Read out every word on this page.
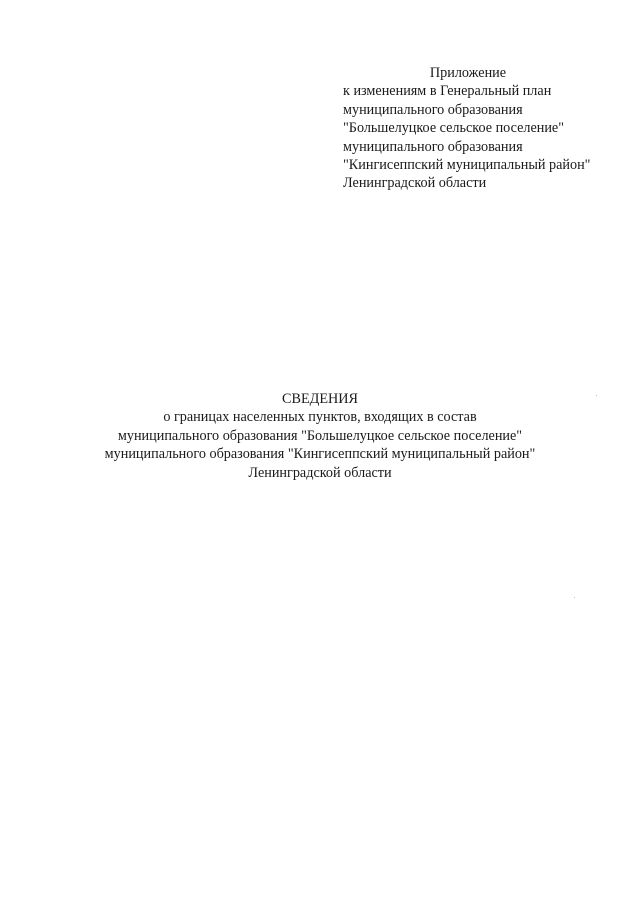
Приложение
к изменениям в Генеральный план
муниципального образования
"Большелуцкое сельское поселение"
муниципального образования
"Кингисеппский муниципальный район"
Ленинградской области
СВЕДЕНИЯ
о границах населенных пунктов, входящих в состав
муниципального образования "Большелуцкое сельское поселение"
муниципального образования "Кингисеппский муниципальный район"
Ленинградской области
